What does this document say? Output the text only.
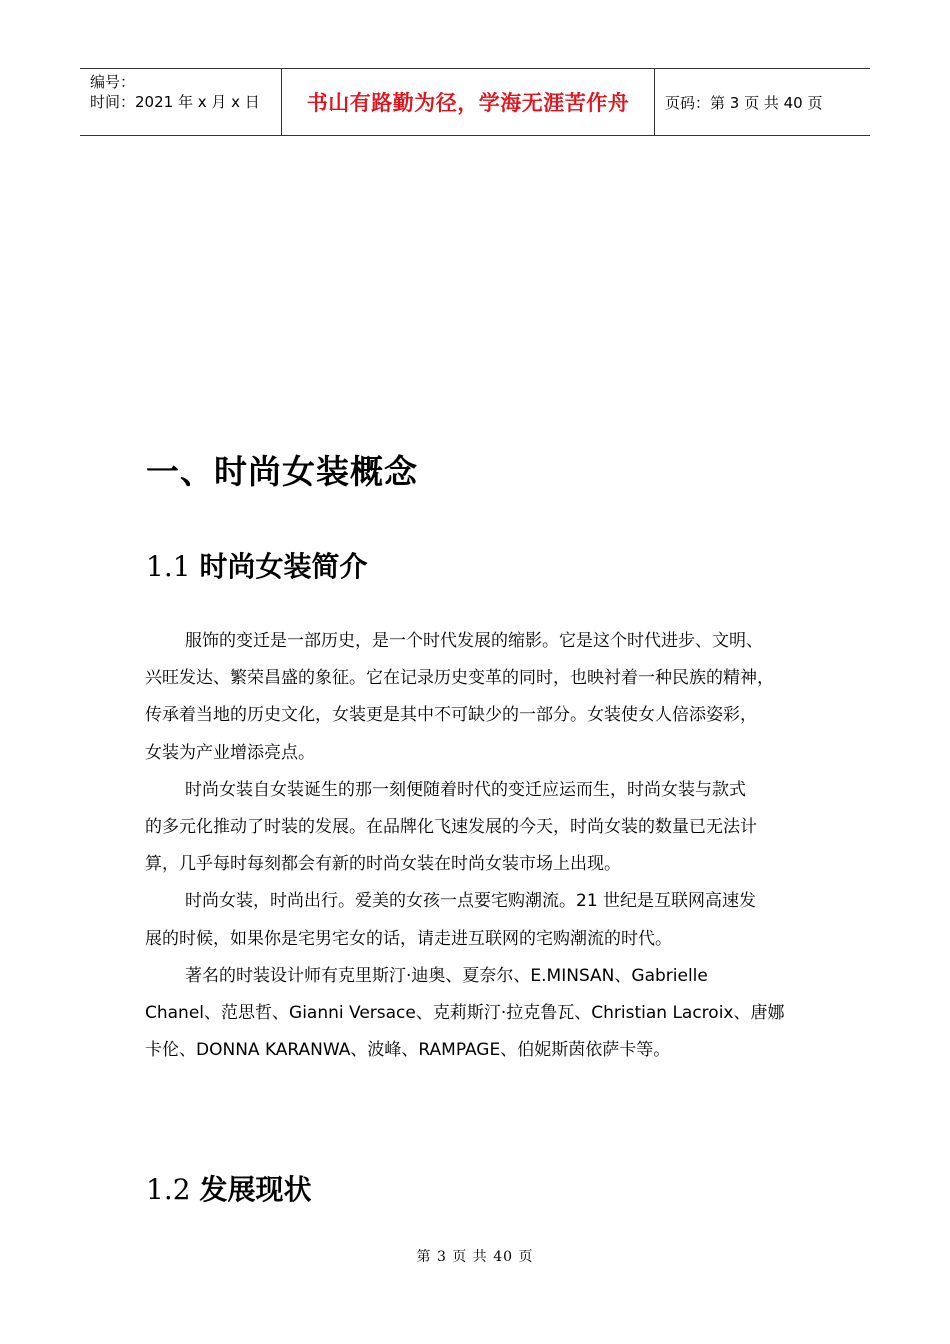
编号：
时间：2021 年 x 月 x 日	书山有路勤为径，学海无涯苦作舟	页码：第 3 页 共 40 页
一、时尚女装概念
1.1 时尚女装简介
服饰的变迁是一部历史，是一个时代发展的缩影。它是这个时代进步、文明、
兴旺发达、繁荣昌盛的象征。它在记录历史变革的同时，也映衬着一种民族的精神，
传承着当地的历史文化，女装更是其中不可缺少的一部分。女装使女人倍添姿彩，
女装为产业增添亮点。
时尚女装自女装诞生的那一刻便随着时代的变迁应运而生，时尚女装与款式
的多元化推动了时装的发展。在品牌化飞速发展的今天，时尚女装的数量已无法计
算，几乎每时每刻都会有新的时尚女装在时尚女装市场上出现。
时尚女装，时尚出行。爱美的女孩一点要宅购潮流。21 世纪是互联网高速发
展的时候，如果你是宅男宅女的话，请走进互联网的宅购潮流的时代。
著名的时装设计师有克里斯汀·迪奥、夏奈尔、E.MINSAN、Gabrielle
Chanel、范思哲、Gianni Versace、克莉斯汀·拉克鲁瓦、Christian Lacroix、唐娜
卡伦、DONNA KARANWA、波峰、RAMPAGE、伯妮斯茵依萨卡等。
1.2 发展现状
第 3 页 共 40 页
